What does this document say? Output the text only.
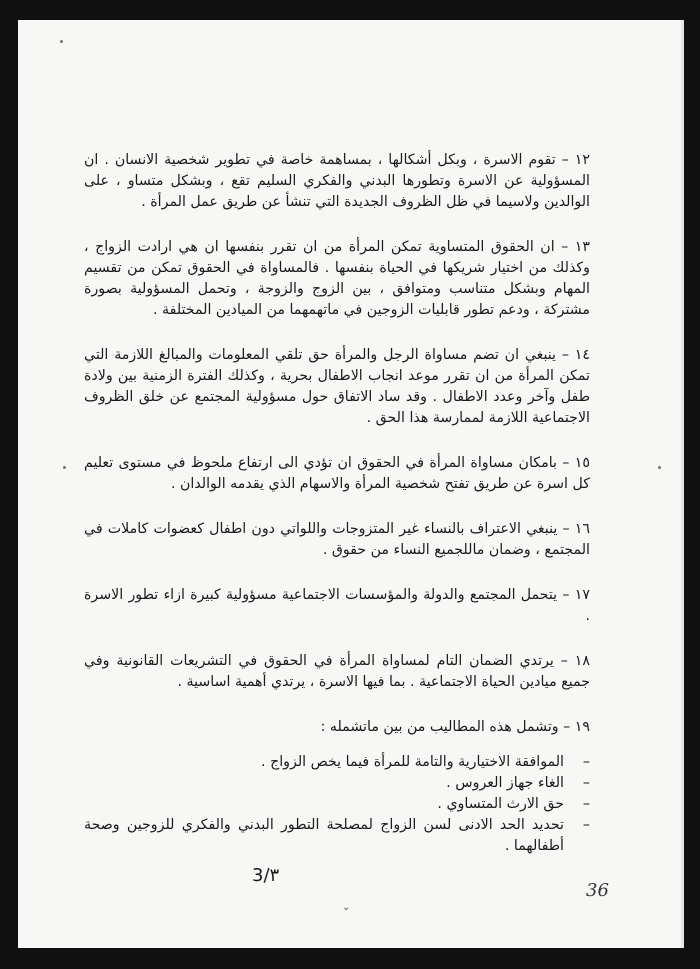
١٢ – تقوم الاسرة ، وبكل أشكالها ، بمساهمة خاصة في تطوير شخصية الانسان . ان المسؤولية عن الاسرة وتطورها البدني والفكري السليم تقع ، وبشكل متساو ، على الوالدين ولاسيما في ظل الظروف الجديدة التي تنشأ عن طريق عمل المرأة .

١٣ – ان الحقوق المتساوية تمكن المرأة من ان تقرر بنفسها ان هي ارادت الزواج ، وكذلك من اختيار شريكها في الحياة بنفسها . فالمساواة في الحقوق تمكن من تقسيم المهام وبشكل متناسب ومتوافق ، بين الزوج والزوجة ، وتحمل المسؤولية بصورة مشتركة ، ودعم تطور قابليات الزوجين في ماتهمهما من الميادين المختلفة .

١٤ – ينبغي ان تضم مساواة الرجل والمرأة حق تلقي المعلومات والمبالغ اللازمة التي تمكن المرأة من ان تقرر موعد انجاب الاطفال بحرية ، وكذلك الفترة الزمنية بين ولادة طفل وآخر وعدد الاطفال . وقد ساد الاتفاق حول مسؤولية المجتمع عن خلق الظروف الاجتماعية اللازمة لممارسة هذا الحق .

١٥ – بامكان مساواة المرأة في الحقوق ان تؤدي الى ارتفاع ملحوظ في مستوى تعليم كل اسرة عن طريق تفتح شخصية المرأة والاسهام الذي يقدمه الوالدان .

١٦ – ينبغي الاعتراف بالنساء غير المتزوجات واللواتي دون اطفال كعضوات كاملات في المجتمع ، وضمان ماللجميع النساء من حقوق .

١٧ – يتحمل المجتمع والدولة والمؤسسات الاجتماعية مسؤولية كبيرة ازاء تطور الاسرة .

١٨ – يرتدي الضمان التام لمساواة المرأة في الحقوق في التشريعات القانونية وفي جميع ميادين الحياة الاجتماعية . بما فيها الاسرة ، يرتدي أهمية اساسية .

١٩ – وتشمل هذه المطاليب من بين ماتشمله :

–
الموافقة الاختيارية والتامة للمرأة فيما يخص الزواج .
–
الغاء جهاز العروس .
–
حق الارث المتساوي .
–
تحديد الحد الادنى لسن الزواج لمصلحة التطور البدني والفكري للزوجين وصحة أطفالهما .
٣/3
36
⌄
